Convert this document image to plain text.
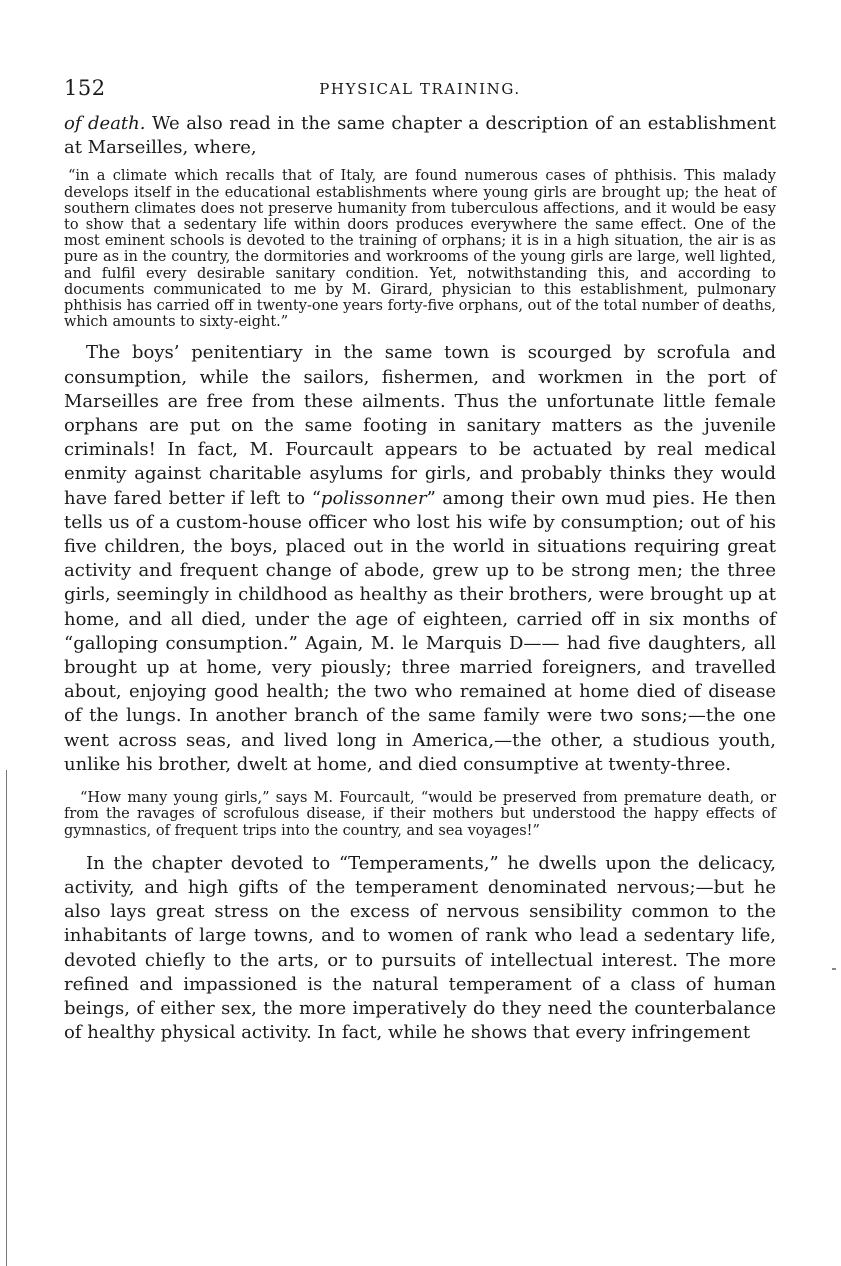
152	PHYSICAL TRAINING.

of death. We also read in the same chapter a description of an establishment at Marseilles, where,

“in a climate which recalls that of Italy, are found numerous cases of phthisis. This malady develops itself in the educational establishments where young girls are brought up; the heat of southern climates does not preserve humanity from tuberculous affections, and it would be easy to show that a sedentary life within doors produces everywhere the same effect. One of the most eminent schools is devoted to the training of orphans; it is in a high situation, the air is as pure as in the country, the dormitories and workrooms of the young girls are large, well lighted, and fulfil every desirable sanitary condition. Yet, notwithstanding this, and according to documents communicated to me by M. Girard, physician to this establishment, pulmonary phthisis has carried off in twenty-one years forty-five orphans, out of the total number of deaths, which amounts to sixty-eight.”

The boys’ penitentiary in the same town is scourged by scrofula and consumption, while the sailors, fishermen, and workmen in the port of Marseilles are free from these ailments. Thus the unfortunate little female orphans are put on the same footing in sanitary matters as the juvenile criminals! In fact, M. Fourcault appears to be actuated by real medical enmity against charitable asylums for girls, and probably thinks they would have fared better if left to “polissonner” among their own mud pies. He then tells us of a custom-house officer who lost his wife by consumption; out of his five children, the boys, placed out in the world in situations requiring great activity and frequent change of abode, grew up to be strong men; the three girls, seemingly in childhood as healthy as their brothers, were brought up at home, and all died, under the age of eighteen, carried off in six months of “galloping consumption.” Again, M. le Marquis D—— had five daughters, all brought up at home, very piously; three married foreigners, and travelled about, enjoying good health; the two who remained at home died of disease of the lungs. In another branch of the same family were two sons;—the one went across seas, and lived long in America,—the other, a studious youth, unlike his brother, dwelt at home, and died consumptive at twenty-three.

“How many young girls,” says M. Fourcault, “would be preserved from premature death, or from the ravages of scrofulous disease, if their mothers but understood the happy effects of gymnastics, of frequent trips into the country, and sea voyages!”

In the chapter devoted to “Temperaments,” he dwells upon the delicacy, activity, and high gifts of the temperament denominated nervous;—but he also lays great stress on the excess of nervous sensibility common to the inhabitants of large towns, and to women of rank who lead a sedentary life, devoted chiefly to the arts, or to pursuits of intellectual interest. The more refined and impassioned is the natural temperament of a class of human beings, of either sex, the more imperatively do they need the counterbalance of healthy physical activity. In fact, while he shows that every infringement
